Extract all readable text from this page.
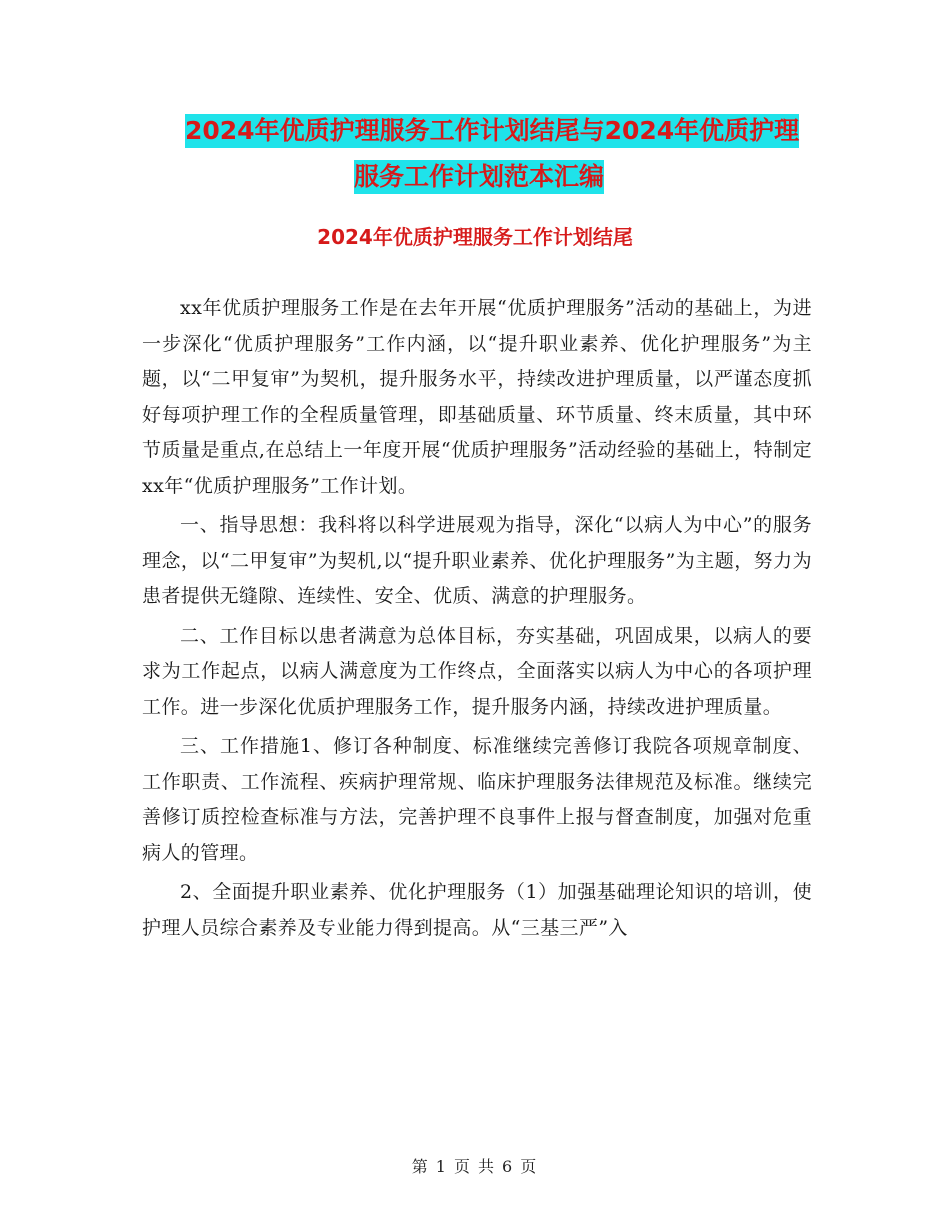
2024年优质护理服务工作计划结尾与2024年优质护理
服务工作计划范本汇编
2024年优质护理服务工作计划结尾

xx年优质护理服务工作是在去年开展“优质护理服务”活动的基础上，为进一步深化“优质护理服务”工作内涵，以“提升职业素养、优化护理服务”为主题，以“二甲复审”为契机，提升服务水平，持续改进护理质量，以严谨态度抓好每项护理工作的全程质量管理，即基础质量、环节质量、终末质量，其中环节质量是重点,在总结上一年度开展“优质护理服务”活动经验的基础上，特制定xx年“优质护理服务”工作计划。

一、指导思想：我科将以科学进展观为指导，深化“以病人为中心”的服务理念，以“二甲复审”为契机,以“提升职业素养、优化护理服务”为主题，努力为患者提供无缝隙、连续性、安全、优质、满意的护理服务。

二、工作目标以患者满意为总体目标，夯实基础，巩固成果，以病人的要求为工作起点，以病人满意度为工作终点，全面落实以病人为中心的各项护理工作。进一步深化优质护理服务工作，提升服务内涵，持续改进护理质量。

三、工作措施1、修订各种制度、标准继续完善修订我院各项规章制度、工作职责、工作流程、疾病护理常规、临床护理服务法律规范及标准。继续完善修订质控检查标准与方法，完善护理不良事件上报与督查制度，加强对危重病人的管理。

2、全面提升职业素养、优化护理服务（1）加强基础理论知识的培训，使护理人员综合素养及专业能力得到提高。从“三基三严”入

第 1 页 共 6 页
